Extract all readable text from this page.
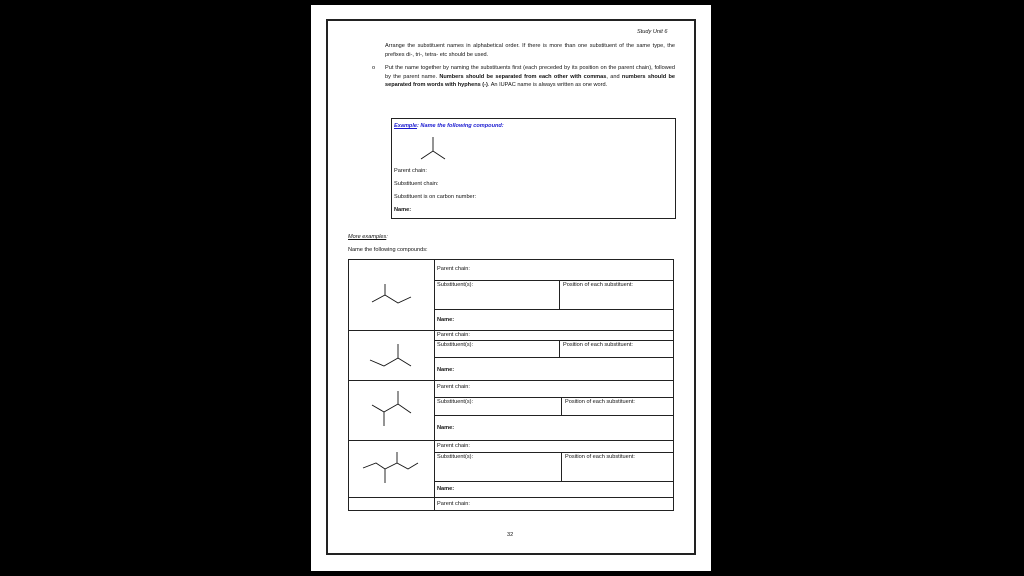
Study Unit 6
Arrange the substituent names in alphabetical order. If there is more than one substituent of the same type, the prefixes di-, tri-, tetra- etc should be used.
o Put the name together by naming the substituents first (each preceded by its position on the parent chain), followed by the parent name. Numbers should be separated from each other with commas, and numbers should be separated from words with hyphens (-). An IUPAC name is always written as one word.
Example: Name the following compound:
Parent chain:
Substituent chain:
Substituent is on carbon number:
Name:
More examples:
Name the following compounds:
Parent chain:
Substituent(s):	Position of each substituent:
Name:
Parent chain:
Substituent(s):	Position of each substituent:
Name:
Parent chain:
Substituent(s):	Position of each substituent:
Name:
Parent chain:
Substituent(s):	Position of each substituent:
Name:
Parent chain:
32
